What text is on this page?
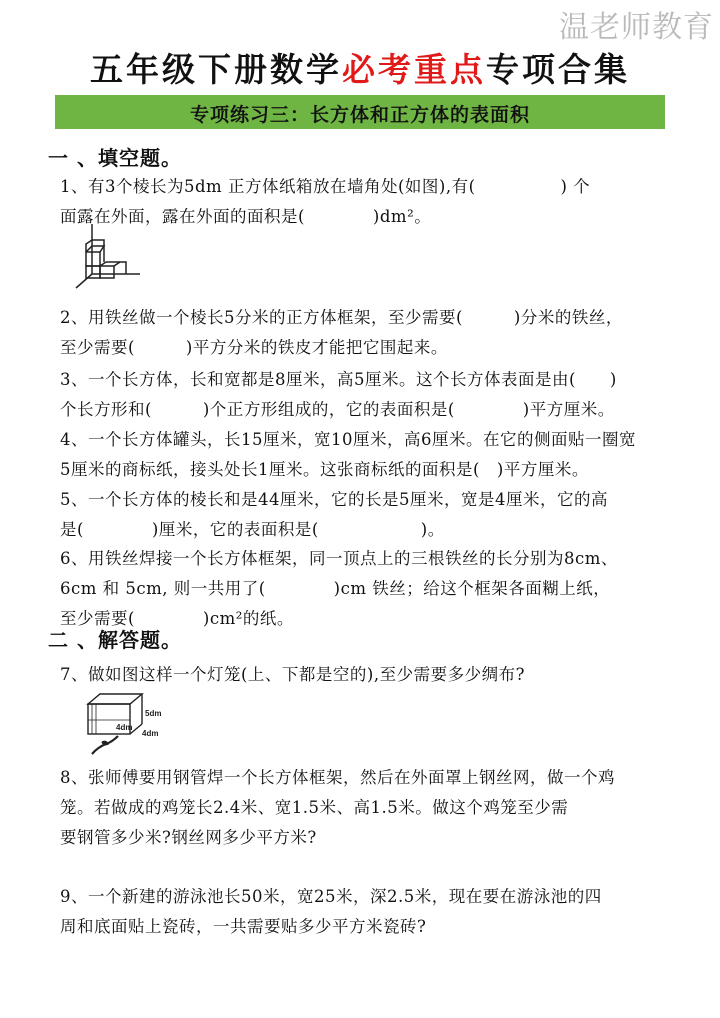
温老师教育
五年级下册数学必考重点专项合集
专项练习三：长方体和正方体的表面积
一 、填空题。
1、有3个棱长为5dm 正方体纸箱放在墙角处(如图),有(　　　　　) 个
面露在外面，露在外面的面积是(　　　　)dm²。
2、用铁丝做一个棱长5分米的正方体框架，至少需要(　　　)分米的铁丝，
至少需要(　　　)平方分米的铁皮才能把它围起来。
3、一个长方体，长和宽都是8厘米，高5厘米。这个长方体表面是由(　　)
个长方形和(　　　)个正方形组成的，它的表面积是(　　　　)平方厘米。
4、一个长方体罐头，长15厘米，宽10厘米，高6厘米。在它的侧面贴一圈宽
5厘米的商标纸，接头处长1厘米。这张商标纸的面积是(　)平方厘米。
5、一个长方体的棱长和是44厘米，它的长是5厘米，宽是4厘米，它的高
是(　　　　)厘米，它的表面积是(　　　　　　)。
6、用铁丝焊接一个长方体框架，同一顶点上的三根铁丝的长分别为8cm、
6cm 和 5cm, 则一共用了(　　　　)cm 铁丝；给这个框架各面糊上纸，
至少需要(　　　　)cm²的纸。
二 、解答题。
7、做如图这样一个灯笼(上、下都是空的),至少需要多少绸布?
5dm
4dm
4dm
8、张师傅要用钢管焊一个长方体框架，然后在外面罩上钢丝网，做一个鸡
笼。若做成的鸡笼长2.4米、宽1.5米、高1.5米。做这个鸡笼至少需
要钢管多少米?钢丝网多少平方米?
9、一个新建的游泳池长50米，宽25米，深2.5米，现在要在游泳池的四
周和底面贴上瓷砖，一共需要贴多少平方米瓷砖?
